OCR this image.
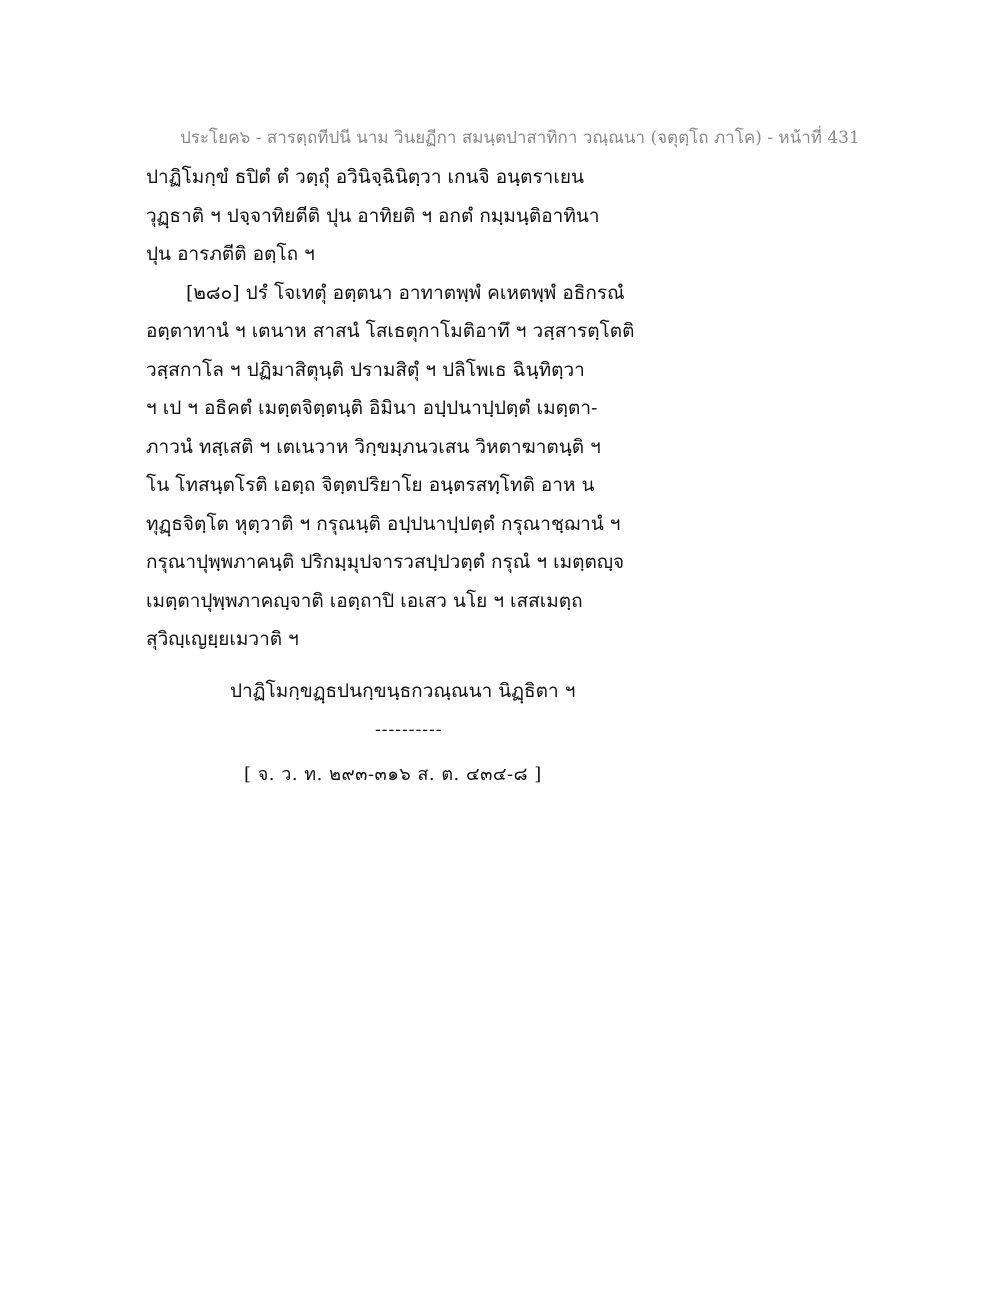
ประโยค๖ - สารตฺถทีปนี นาม วินยฏีกา สมนฺตปาสาทิกา วณฺณนา (จตุตฺโถ ภาโค) - หน้าที่ 431
ปาฏิโมกฺขํ ธปิตํ ตํ วตฺถุํ อวินิจฺฉินิตฺวา เกนจิ อนฺตราเยน
วุฏฺธาติ ฯ ปจฺจาทิยตีติ ปุน อาทิยติ ฯ อกตํ กมฺมนฺติอาทินา
ปุน อารภตีติ อตฺโถ ฯ
[๒๘๐] ปรํ โจเทตุํ อตฺตนา อาทาตพฺพํ คเหตพฺพํ อธิกรณํ
อตฺตาทานํ ฯ เตนาห สาสนํ โสเธตุกาโมติอาทึ ฯ วสฺสารตฺโตติ
วสฺสกาโล ฯ ปฏิมาสิตุนฺติ ปรามสิตุํ ฯ ปลิโพเธ ฉินฺทิตฺวา
ฯ เป ฯ อธิคตํ เมตฺตจิตฺตนฺติ อิมินา อปฺปนาปฺปตฺตํ เมตฺตา-
ภาวนํ ทสฺเสติ ฯ เตเนวาห วิกฺขมฺภนวเสน วิหตาฆาตนฺติ ฯ
โน โทสนฺตโรติ เอตฺถ จิตฺตปริยาโย อนฺตรสทฺโทติ อาห น
ทุฏฺธจิตฺโต หุตฺวาติ ฯ กรุณนฺติ อปฺปนาปฺปตฺตํ กรุณาชฺฌานํ ฯ
กรุณาปุพฺพภาคนฺติ ปริกมฺมุปจารวสปฺปวตฺตํ กรุณํ ฯ เมตฺตญฺจ
เมตฺตาปุพฺพภาคญฺจาติ เอตฺถาปิ เอเสว นโย ฯ เสสเมตฺถ
สุวิญฺเญยฺยเมวาติ ฯ
ปาฏิโมกฺขฏฺธปนกฺขนฺธกวณฺณนา นิฏฺธิตา ฯ
----------
[ จ. ว. ท. ๒๙๓-๓๑๖ ส. ต. ๔๓๔-๘ ]
